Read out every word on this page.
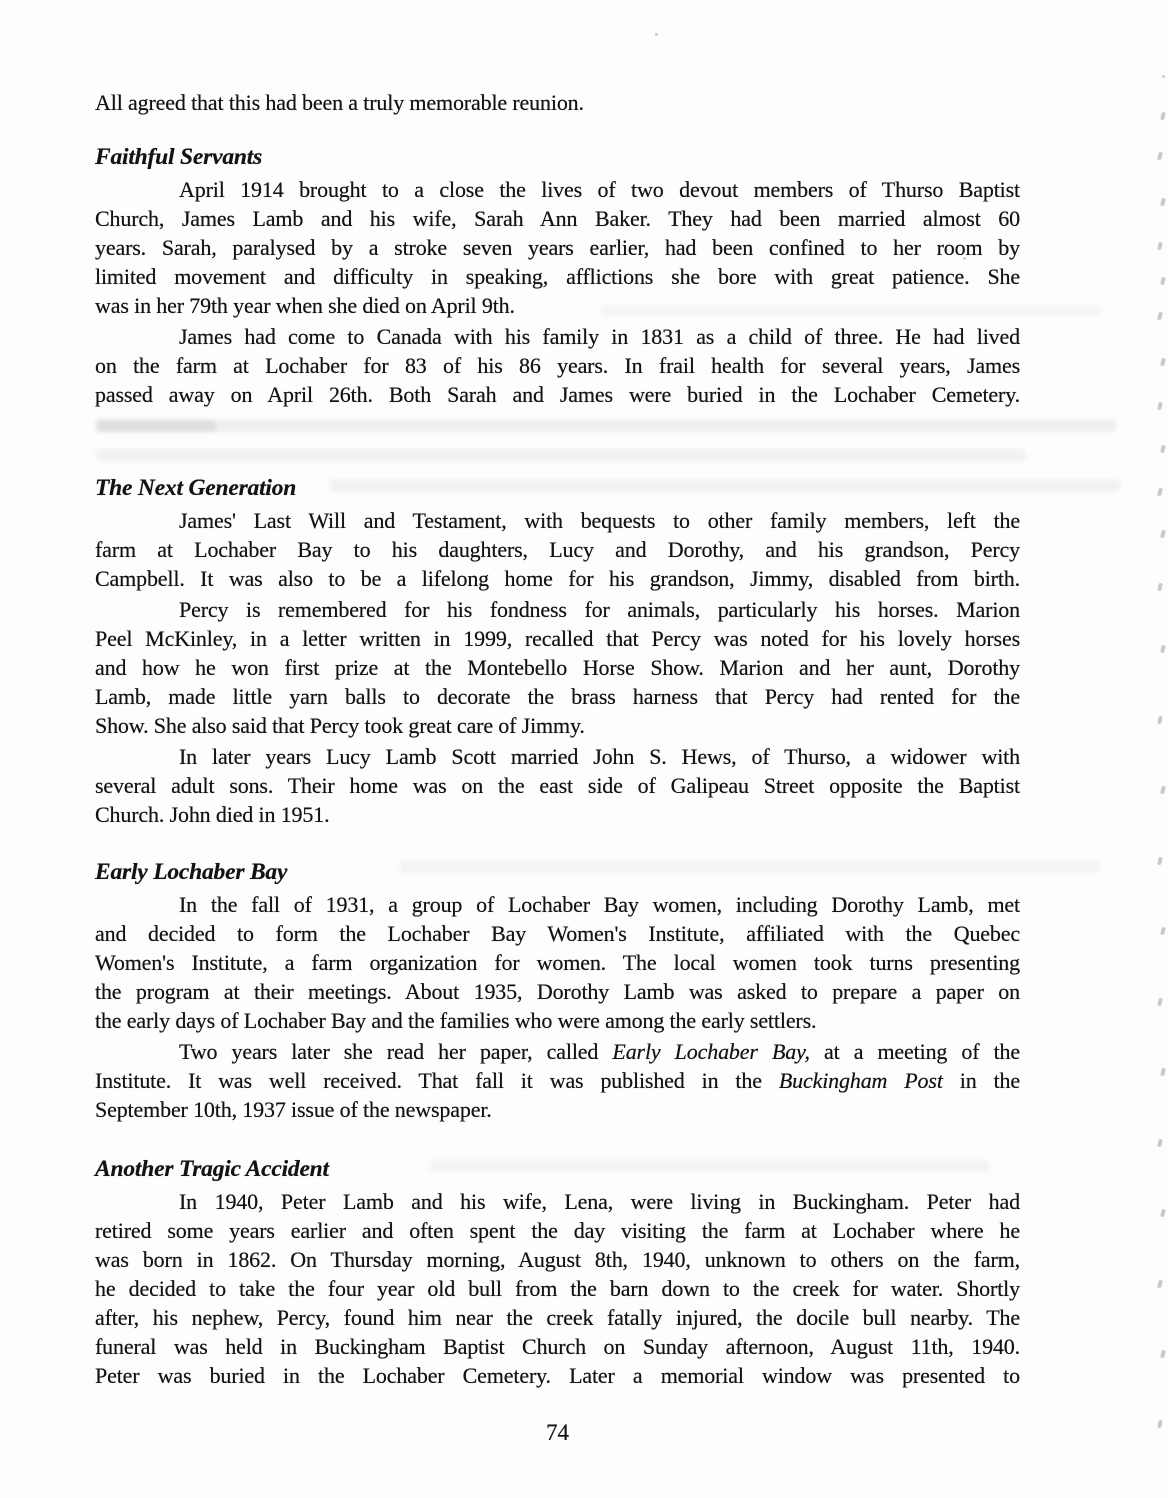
All agreed that this had been a truly memorable reunion.

Faithful Servants
April 1914 brought to a close the lives of two devout members of Thurso Baptist
Church, James Lamb and his wife, Sarah Ann Baker. They had been married almost 60
years. Sarah, paralysed by a stroke seven years earlier, had been confined to her room by
limited movement and difficulty in speaking, afflictions she bore with great patience. She
was in her 79th year when she died on April 9th.
James had come to Canada with his family in 1831 as a child of three. He had lived
on the farm at Lochaber for 83 of his 86 years. In frail health for several years, James
passed away on April 26th. Both Sarah and James were buried in the Lochaber Cemetery.
The Next Generation
James' Last Will and Testament, with bequests to other family members, left the
farm at Lochaber Bay to his daughters, Lucy and Dorothy, and his grandson, Percy
Campbell. It was also to be a lifelong home for his grandson, Jimmy, disabled from birth.
Percy is remembered for his fondness for animals, particularly his horses. Marion
Peel McKinley, in a letter written in 1999, recalled that Percy was noted for his lovely horses
and how he won first prize at the Montebello Horse Show. Marion and her aunt, Dorothy
Lamb, made little yarn balls to decorate the brass harness that Percy had rented for the
Show. She also said that Percy took great care of Jimmy.
In later years Lucy Lamb Scott married John S. Hews, of Thurso, a widower with
several adult sons. Their home was on the east side of Galipeau Street opposite the Baptist
Church. John died in 1951.
Early Lochaber Bay
In the fall of 1931, a group of Lochaber Bay women, including Dorothy Lamb, met
and decided to form the Lochaber Bay Women's Institute, affiliated with the Quebec
Women's Institute, a farm organization for women. The local women took turns presenting
the program at their meetings. About 1935, Dorothy Lamb was asked to prepare a paper on
the early days of Lochaber Bay and the families who were among the early settlers.
Two years later she read her paper, called Early Lochaber Bay, at a meeting of the
Institute. It was well received. That fall it was published in the Buckingham Post in the
September 10th, 1937 issue of the newspaper.
Another Tragic Accident
In 1940, Peter Lamb and his wife, Lena, were living in Buckingham. Peter had
retired some years earlier and often spent the day visiting the farm at Lochaber where he
was born in 1862. On Thursday morning, August 8th, 1940, unknown to others on the farm,
he decided to take the four year old bull from the barn down to the creek for water. Shortly
after, his nephew, Percy, found him near the creek fatally injured, the docile bull nearby. The
funeral was held in Buckingham Baptist Church on Sunday afternoon, August 11th, 1940.
Peter was buried in the Lochaber Cemetery. Later a memorial window was presented to
74
